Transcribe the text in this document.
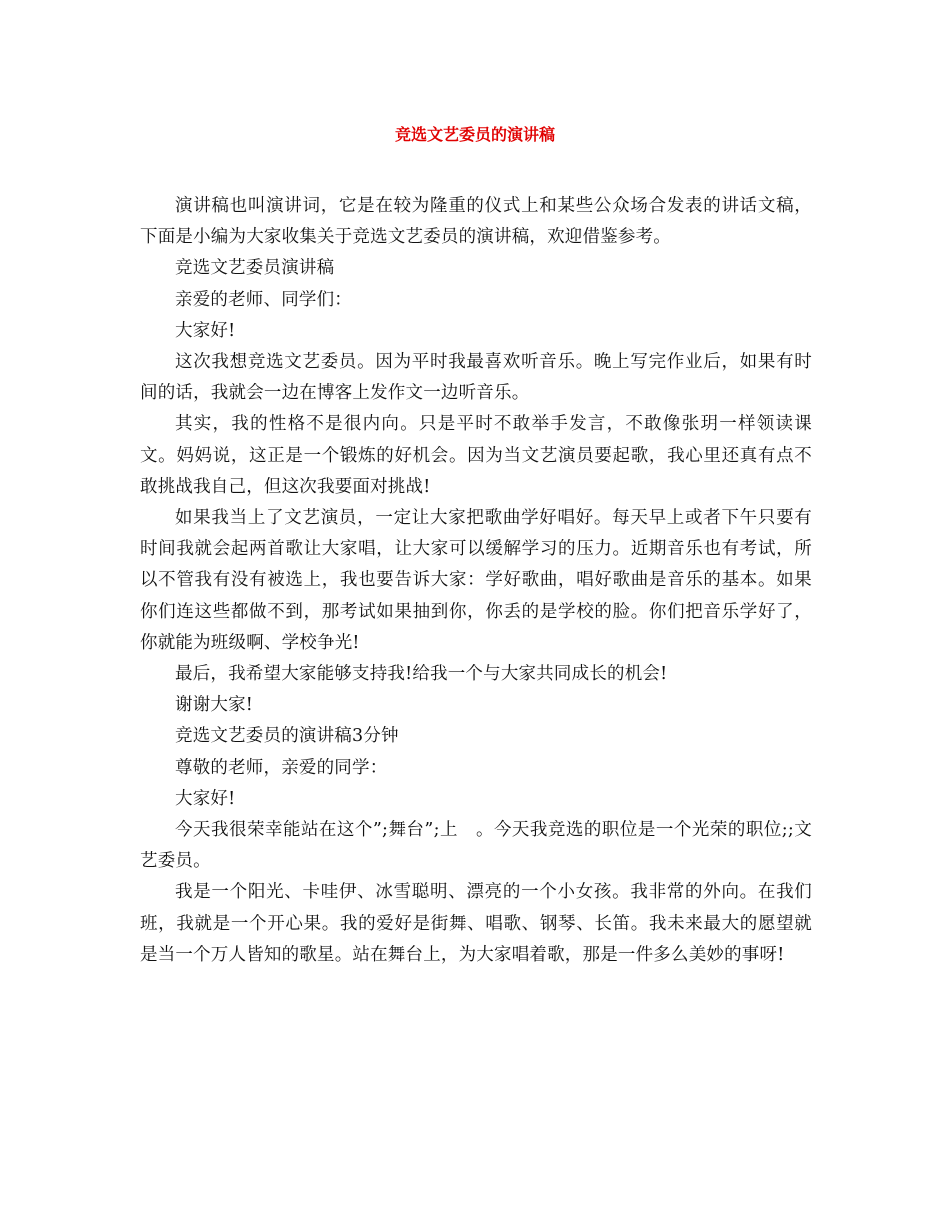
竞选文艺委员的演讲稿

演讲稿也叫演讲词，它是在较为隆重的仪式上和某些公众场合发表的讲话文稿，下面是小编为大家收集关于竞选文艺委员的演讲稿，欢迎借鉴参考。

竞选文艺委员演讲稿

亲爱的老师、同学们：

大家好!

这次我想竞选文艺委员。因为平时我最喜欢听音乐。晚上写完作业后，如果有时间的话，我就会一边在博客上发作文一边听音乐。

其实，我的性格不是很内向。只是平时不敢举手发言，不敢像张玥一样领读课文。妈妈说，这正是一个锻炼的好机会。因为当文艺演员要起歌，我心里还真有点不敢挑战我自己，但这次我要面对挑战!

如果我当上了文艺演员，一定让大家把歌曲学好唱好。每天早上或者下午只要有时间我就会起两首歌让大家唱，让大家可以缓解学习的压力。近期音乐也有考试，所以不管我有没有被选上，我也要告诉大家：学好歌曲，唱好歌曲是音乐的基本。如果你们连这些都做不到，那考试如果抽到你，你丢的是学校的脸。你们把音乐学好了，你就能为班级啊、学校争光!

最后，我希望大家能够支持我!给我一个与大家共同成长的机会!

谢谢大家!

竞选文艺委员的演讲稿3分钟

尊敬的老师，亲爱的同学：

大家好!

今天我很荣幸能站在这个”;舞台”;上　。今天我竞选的职位是一个光荣的职位;;文艺委员。

我是一个阳光、卡哇伊、冰雪聪明、漂亮的一个小女孩。我非常的外向。在我们班，我就是一个开心果。我的爱好是街舞、唱歌、钢琴、长笛。我未来最大的愿望就是当一个万人皆知的歌星。站在舞台上，为大家唱着歌，那是一件多么美妙的事呀!
